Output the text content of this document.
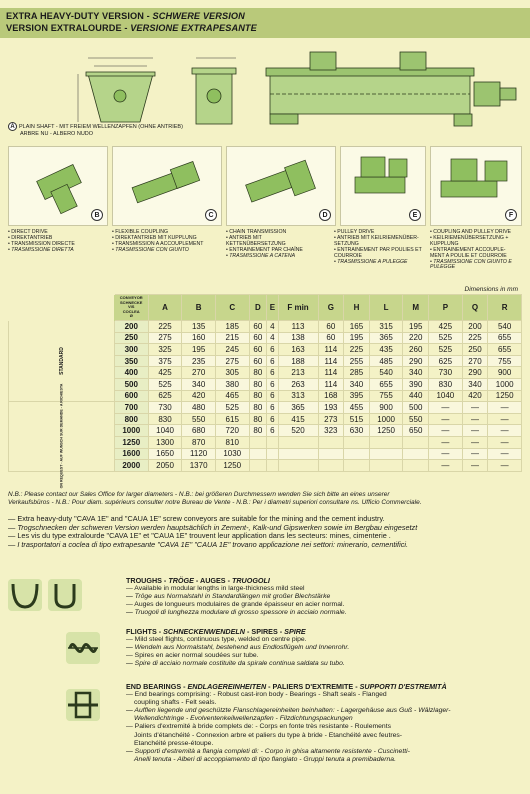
EXTRA HEAVY-DUTY VERSION - SCHWERE VERSION
VERSION EXTRALOURDE - VERSIONE EXTRAPESANTE
A PLAIN SHAFT - MIT FREIEM WELLENZAPFEN (OHNE ANTRIEB)
ARBRE NU - ALBERO NUDO
B	C	D	E	F
• DIRECT DRIVE
• DIREKTANTRIEB
• TRANSMISSION DIRECTE
• TRASMISSIONE DIRETTA
• FLEXIBLE COUPLING
• DIREKTANTRIEB MIT KUPPLUNG
• TRANSMISSION A ACCOUPLEMENT
• TRASMISSIONE CON GIUNTO
• CHAIN TRANSMISSION
• ANTRIEB MIT
KETTENÜBERSETZUNG
• ENTRAINEMENT PAR CHAÎNE
• TRASMISSIONE A CATENA
• PULLEY DRIVE
• ANTRIEB MIT KEILRIEMENÜBER-
SETZUNG
• ENTRAINEMENT PAR POULIES ET
COURROIE
• TRASMISSIONE A PULEGGE
• COUPLING AND PULLEY DRIVE
• KEILRIEMENÜBERSETZUNG +
KUPPLUNG
• ENTRAINEMENT ACCOUPLE-
MENT A POULIE ET COURROIE
• TRASMISSIONE CON GIUNTO E
PULEGGE
Dimensions in mm
	CONVEYOR
SCHNECKE
VIS
COCLEA
Ø	A	B	C	D	E	F min	G	H	L	M	P	Q	R
STANDARD	200	225	135	185	60	4	113	60	165	315	195	425	200	540
	250	275	160	215	60	4	138	60	195	365	220	525	225	655
	300	325	195	245	60	6	163	114	225	435	260	525	250	655
	350	375	235	275	60	6	188	114	255	485	290	625	270	755
	400	425	270	305	80	6	213	114	285	540	340	730	290	900
	500	525	340	380	80	6	263	114	340	655	390	830	340	1000
	600	625	420	465	80	6	313	168	395	755	440	1040	420	1250
ON REQUEST - AUF WUNSCH SUR DEMANDE - A RICHIESTA	700	730	480	525	80	6	365	193	455	900	500	—	—	—
	800	830	550	615	80	6	415	273	515	1000	550	—	—	—
	1000	1040	680	720	80	6	520	323	630	1250	650	—	—	—
	1250	1300	870	810								—	—	—
	1600	1650	1120	1030								—	—	—
	2000	2050	1370	1250								—	—	—
N.B.: Please contact our Sales Office for larger diameters - N.B.: bei größeren Durchmessern wenden Sie sich bitte an eines unserer
Verkaufsbüros - N.B.: Pour diam. supérieurs consulter notre Bureau de Vente - N.B.: Per i diametri superiori consultare ns. Ufficio Commerciale.
— Extra heavy-duty "CAVA 1E" and "CAUA 1E" screw conveyors are suitable for the mining and the cement industry.
— Trogschnecken der schweren Version werden hauptsächlich in Zement-, Kalk-und Gipswerken sowie im Bergbau eingesetzt
— Les vis du type extralourde "CAVA 1E" et "CAUA 1E" trouvent leur application dans les secteurs: mines, cimenterie .
— I trasportatori a coclea di tipo extrapesante "CAVA 1E" "CAUA 1E" trovano applicazione nei settori: minerario, cementifici.
TROUGHS - TRÖGE - AUGES - TRUOGOLI
— Available in modular lengths in large-thickness mild steel
— Tröge aus Normalstahl in Standardlängen mit großer Blechstärke
— Auges de longueurs modulaires de grande épaisseur en acier normal.
— Truogoli di lunghezza modulare di grosso spessore in acciaio normale.
FLIGHTS - SCHNECKENWENDELN - SPIRES - SPIRE
— Mild steel flights, continuous type, welded on centre pipe.
— Wendeln aus Normalstahl, bestehend aus Endlosflügeln und Innenrohr.
— Spires en acier normal soudées sur tube.
— Spire di acciaio normale costituite da spirale continua saldata su tubo.
END BEARINGS - ENDLAGEREINHEITEN - PALIERS D'EXTREMITE - SUPPORTI D'ESTREMITÀ
— End bearings comprising: - Robust cast-iron body - Bearings - Shaft seals - Flanged
coupling shafts - Felt seals.
— Aufflen liegende und geschützte Flanschlagereinheiten beinhalten: - Lagergehäuse aus Guß - Wälzlager-
Wellendichtringe - Evolventenkeilwellenzapfen - Filzdichtungspackungen
— Paliers d'extremité à bride complets de: - Corps en fonte très resistante - Roulements
Joints d'étanchéité - Connexion arbre et paliers du type à bride - Etanchéité avec feutres-
Etanchéité presse-étoupe.
— Supporti d'estremità a flangia completi di: - Corpo in ghisa altamente resistente - Cuscinetti-
Anelli tenuta - Alberi di accoppiamento di tipo flangiato - Gruppi tenuta a premibaderna.
